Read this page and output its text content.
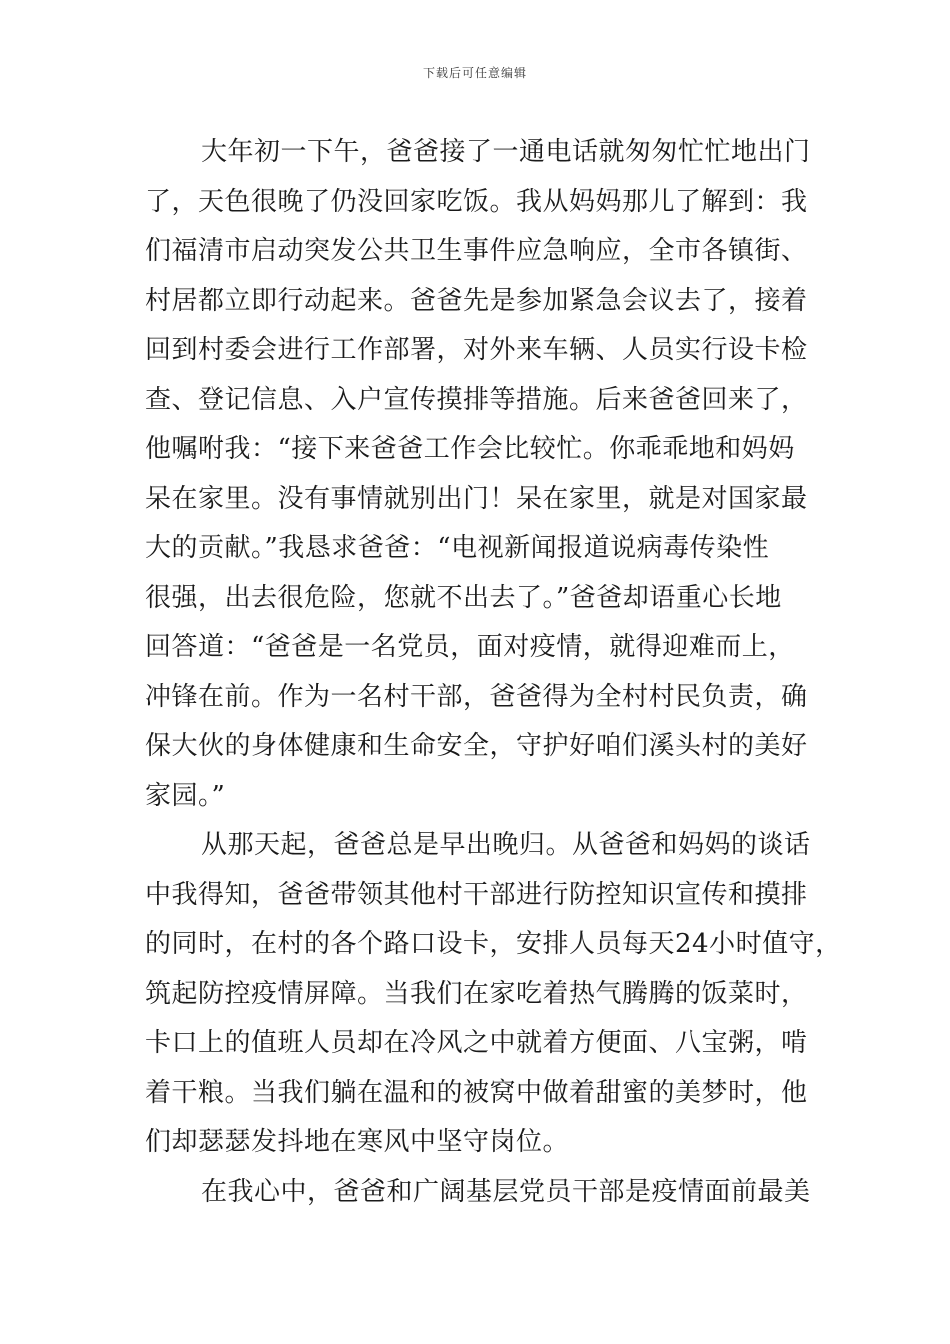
下载后可任意编辑
大年初一下午，爸爸接了一通电话就匆匆忙忙地出门
了，天色很晚了仍没回家吃饭。我从妈妈那儿了解到：我
们福清市启动突发公共卫生事件应急响应，全市各镇街、
村居都立即行动起来。爸爸先是参加紧急会议去了，接着
回到村委会进行工作部署，对外来车辆、人员实行设卡检
查、登记信息、入户宣传摸排等措施。后来爸爸回来了，
他嘱咐我：“接下来爸爸工作会比较忙。你乖乖地和妈妈
呆在家里。没有事情就别出门！呆在家里，就是对国家最
大的贡献。”我恳求爸爸：“电视新闻报道说病毒传染性
很强，出去很危险，您就不出去了。”爸爸却语重心长地
回答道：“爸爸是一名党员，面对疫情，就得迎难而上，
冲锋在前。作为一名村干部，爸爸得为全村村民负责，确
保大伙的身体健康和生命安全，守护好咱们溪头村的美好
家园。”
从那天起，爸爸总是早出晚归。从爸爸和妈妈的谈话
中我得知，爸爸带领其他村干部进行防控知识宣传和摸排
的同时，在村的各个路口设卡，安排人员每天24小时值守，
筑起防控疫情屏障。当我们在家吃着热气腾腾的饭菜时，
卡口上的值班人员却在冷风之中就着方便面、八宝粥，啃
着干粮。当我们躺在温和的被窝中做着甜蜜的美梦时，他
们却瑟瑟发抖地在寒风中坚守岗位。
在我心中，爸爸和广阔基层党员干部是疫情面前最美
